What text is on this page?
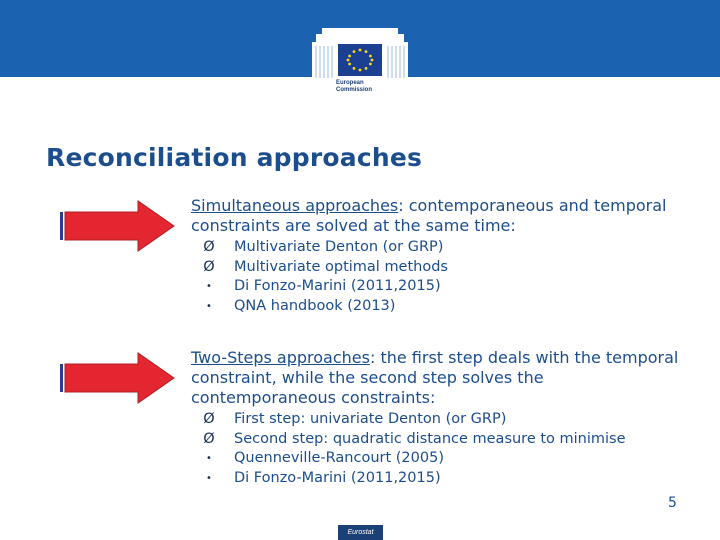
European
Commission
Reconciliation approaches

Simultaneous approaches: contemporaneous and temporal constraints are solved at the same time:

Ø Multivariate Denton (or GRP)
Ø Multivariate optimal methods
•	Di Fonzo-Marini (2011,2015)
•	QNA handbook (2013)

Two-Steps approaches: the first step deals with the temporal constraint, while the second step solves the contemporaneous constraints:

Ø First step: univariate Denton (or GRP)
Ø Second step: quadratic distance measure to minimise
•	Quenneville-Rancourt (2005)
•	Di Fonzo-Marini (2011,2015)
5
Eurostat
